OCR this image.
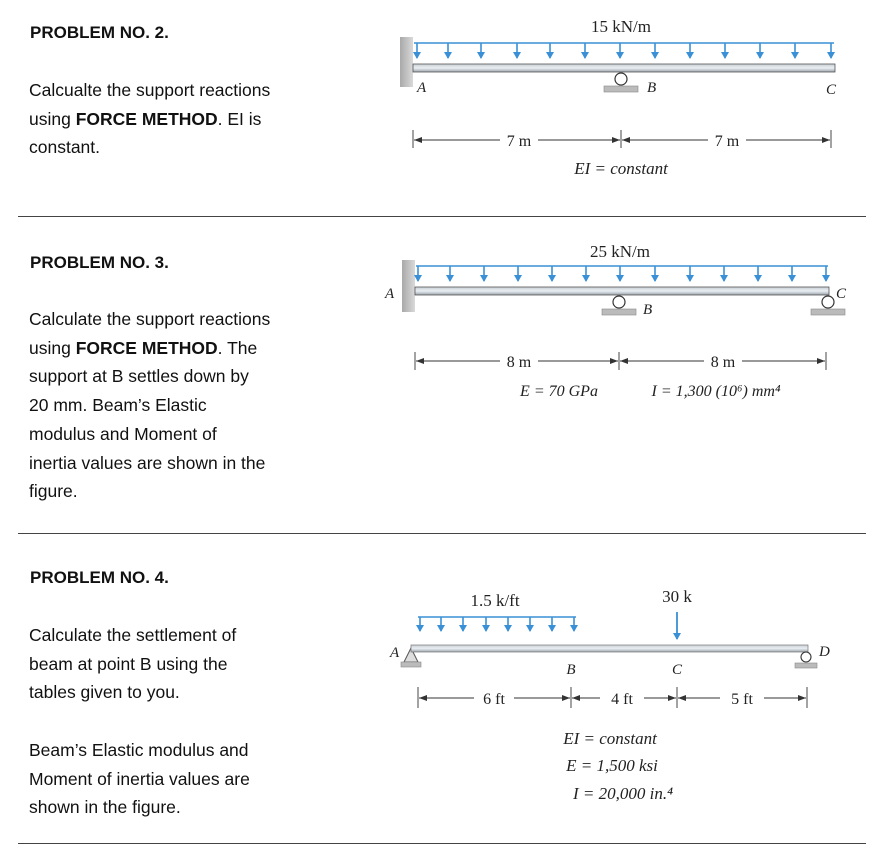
PROBLEM NO. 2.
Calcualte the support reactions
using FORCE METHOD. EI is
constant.
PROBLEM NO. 3.
Calculate the support reactions
using FORCE METHOD. The
support at B settles down by
20 mm. Beam’s Elastic
modulus and Moment of
inertia values are shown in the
figure.
PROBLEM NO. 4.
Calculate the settlement of
beam at point B using the
tables given to you.
Beam’s Elastic modulus and
Moment of inertia values are
shown in the figure.
15 kN/m
A	B	C
7 m	7 m
EI = constant
25 kN/m
A
B
C
8 m	8 m
E = 70 GPa	I = 1,300 (10⁶) mm⁴
1.5 k/ft	30 k
A
B	C
D
6 ft	4 ft	5 ft
EI = constant
E = 1,500 ksi
I = 20,000 in.⁴
